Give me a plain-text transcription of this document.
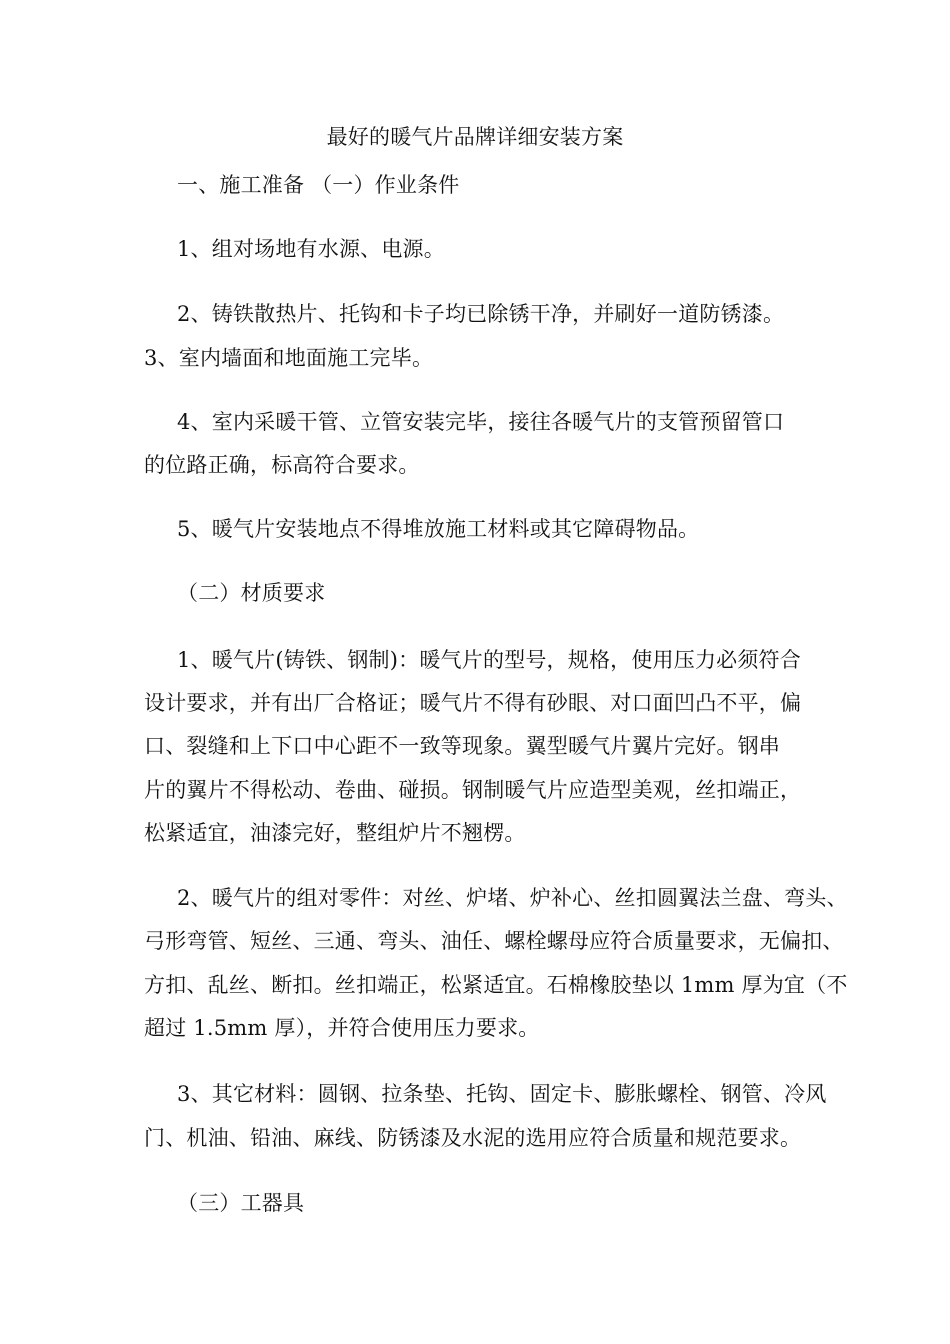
最好的暖气片品牌详细安装方案
一、施工准备 （一）作业条件
1、组对场地有水源、电源。
2、铸铁散热片、托钩和卡子均已除锈干净，并刷好一道防锈漆。
3、室内墙面和地面施工完毕。
4、室内采暖干管、立管安装完毕，接往各暖气片的支管预留管口
的位路正确，标高符合要求。
5、暖气片安装地点不得堆放施工材料或其它障碍物品。
（二）材质要求
1、暖气片(铸铁、钢制)：暖气片的型号，规格，使用压力必须符合
设计要求，并有出厂合格证；暖气片不得有砂眼、对口面凹凸不平，偏
口、裂缝和上下口中心距不一致等现象。翼型暖气片翼片完好。钢串
片的翼片不得松动、卷曲、碰损。钢制暖气片应造型美观，丝扣端正，
松紧适宜，油漆完好，整组炉片不翘楞。
2、暖气片的组对零件：对丝、炉堵、炉补心、丝扣圆翼法兰盘、弯头、
弓形弯管、短丝、三通、弯头、油任、螺栓螺母应符合质量要求，无偏扣、
方扣、乱丝、断扣。丝扣端正，松紧适宜。石棉橡胶垫以 1mm 厚为宜（不
超过 1.5mm 厚），并符合使用压力要求。
3、其它材料：圆钢、拉条垫、托钩、固定卡、膨胀螺栓、钢管、冷风
门、机油、铅油、麻线、防锈漆及水泥的选用应符合质量和规范要求。
（三）工器具
